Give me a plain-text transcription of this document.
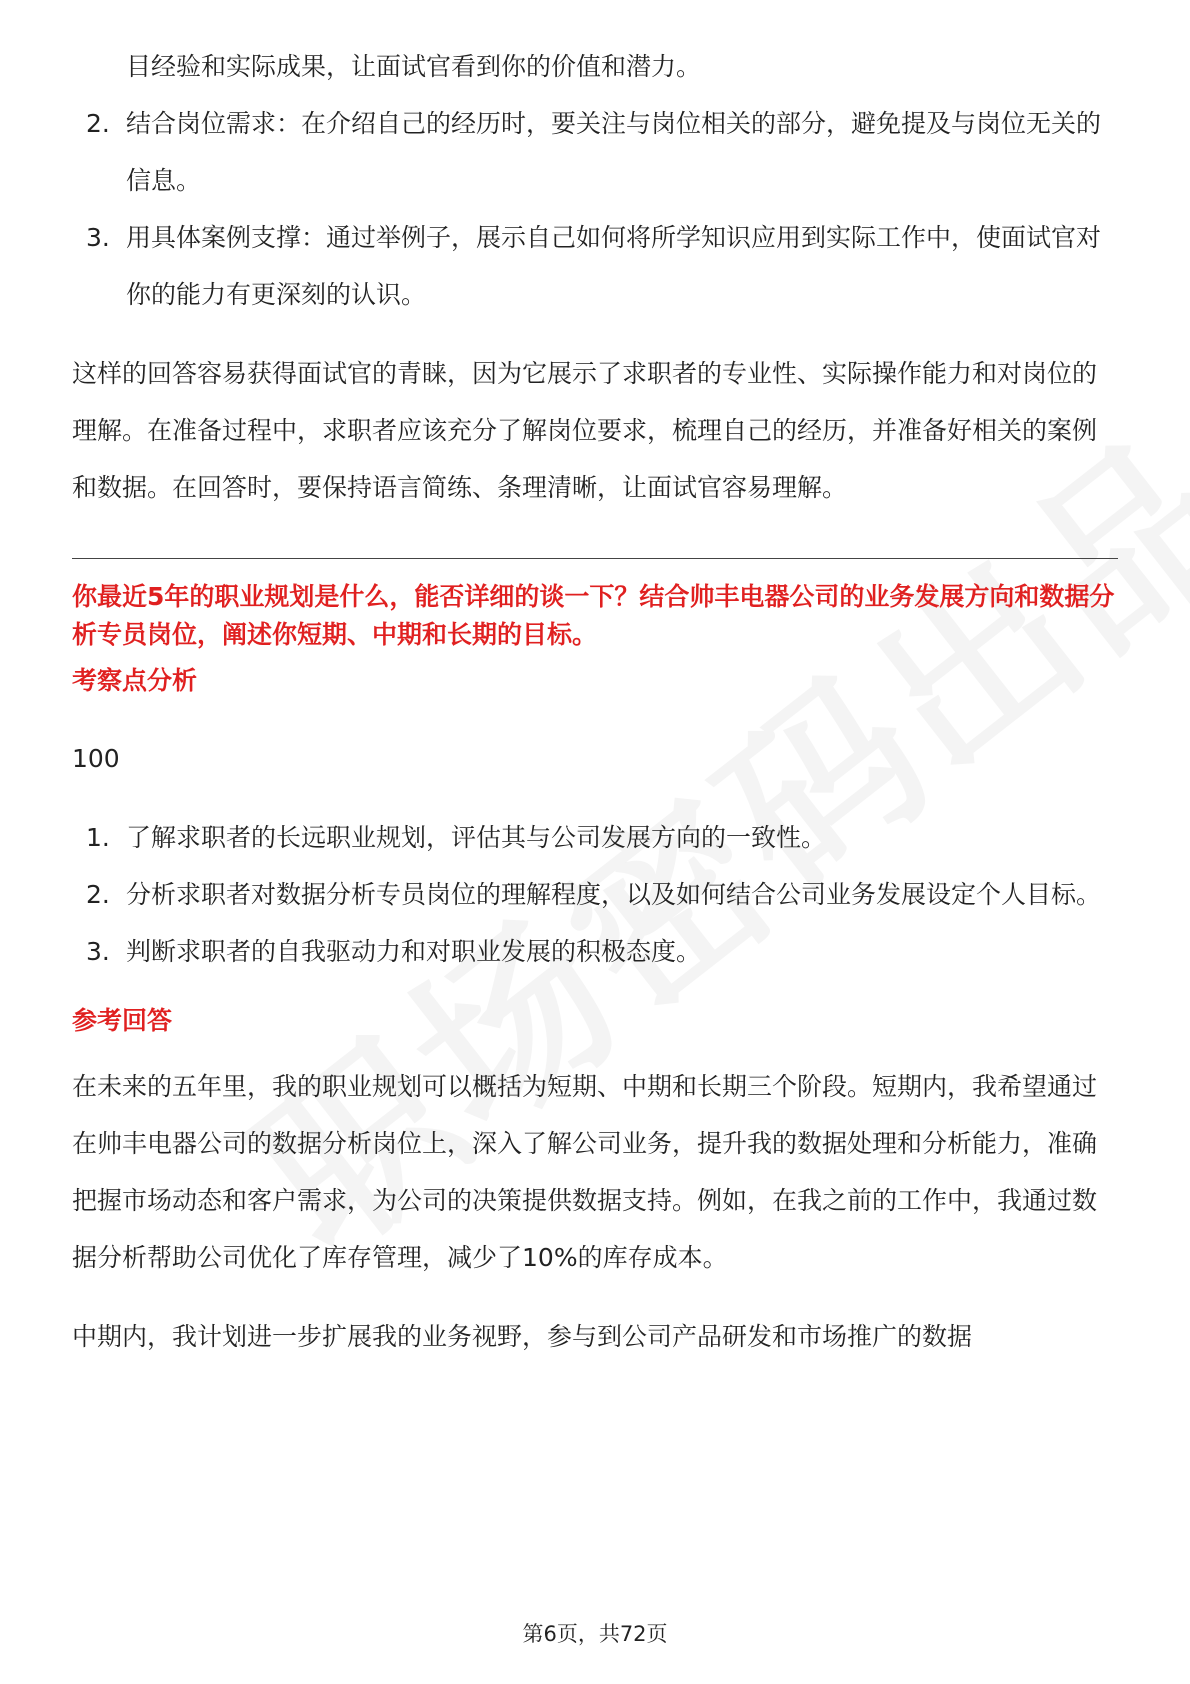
目经验和实际成果，让面试官看到你的价值和潜力。

2. 结合岗位需求：在介绍自己的经历时，要关注与岗位相关的部分，避免提及与岗位无关的信息。
3. 用具体案例支撑：通过举例子，展示自己如何将所学知识应用到实际工作中，使面试官对你的能力有更深刻的认识。

这样的回答容易获得面试官的青睐，因为它展示了求职者的专业性、实际操作能力和对岗位的理解。在准备过程中，求职者应该充分了解岗位要求，梳理自己的经历，并准备好相关的案例和数据。在回答时，要保持语言简练、条理清晰，让面试官容易理解。

你最近5年的职业规划是什么，能否详细的谈一下？结合帅丰电器公司的业务发展方向和数据分析专员岗位，阐述你短期、中期和长期的目标。

考察点分析

100

1. 了解求职者的长远职业规划，评估其与公司发展方向的一致性。
2. 分析求职者对数据分析专员岗位的理解程度，以及如何结合公司业务发展设定个人目标。
3. 判断求职者的自我驱动力和对职业发展的积极态度。

参考回答

在未来的五年里，我的职业规划可以概括为短期、中期和长期三个阶段。短期内，我希望通过在帅丰电器公司的数据分析岗位上，深入了解公司业务，提升我的数据处理和分析能力，准确把握市场动态和客户需求，为公司的决策提供数据支持。例如，在我之前的工作中，我通过数据分析帮助公司优化了库存管理，减少了10%的库存成本。

中期内，我计划进一步扩展我的业务视野，参与到公司产品研发和市场推广的数据

第6页，共72页
